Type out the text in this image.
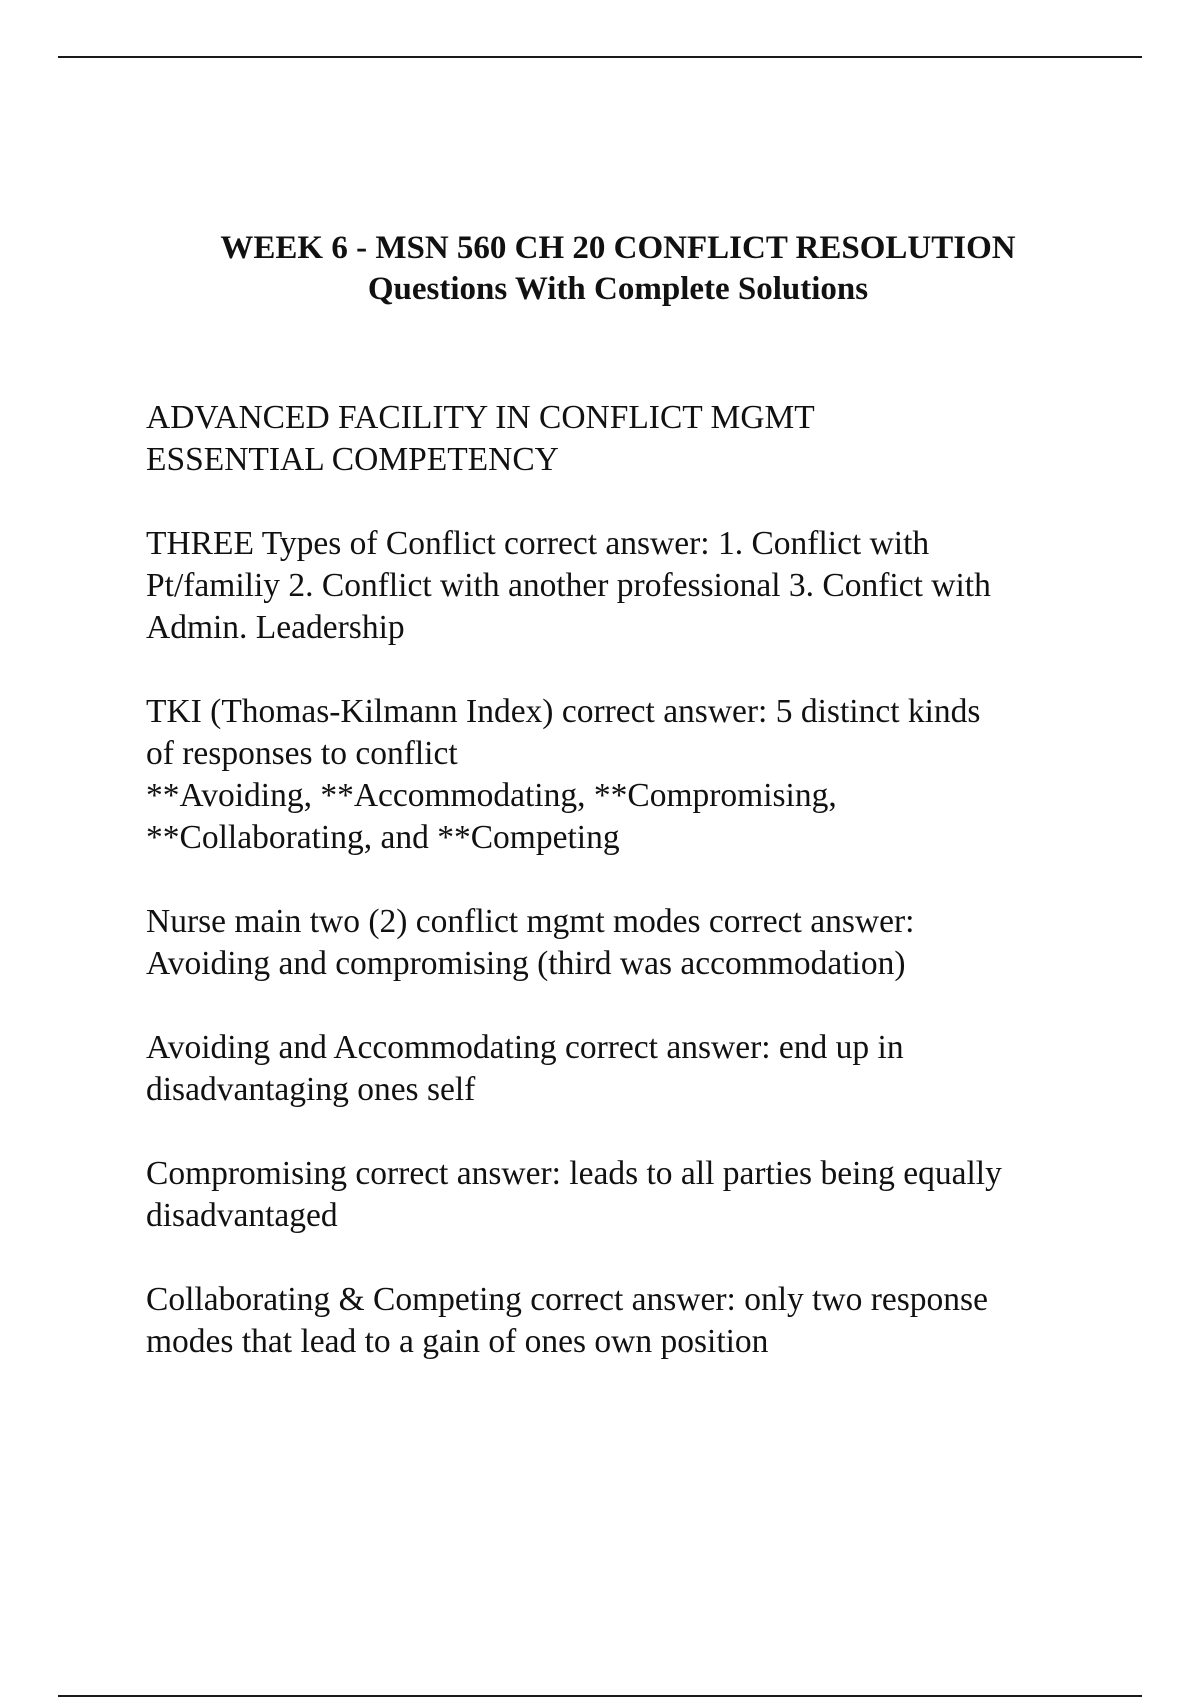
WEEK 6 - MSN 560 CH 20 CONFLICT RESOLUTION
Questions With Complete Solutions
ADVANCED FACILITY IN CONFLICT MGMT
ESSENTIAL COMPETENCY
THREE Types of Conflict correct answer: 1. Conflict with
Pt/familiy 2. Conflict with another professional 3. Confict with
Admin. Leadership
TKI (Thomas-Kilmann Index) correct answer: 5 distinct kinds
of responses to conflict
**Avoiding, **Accommodating, **Compromising,
**Collaborating, and **Competing
Nurse main two (2) conflict mgmt modes correct answer:
Avoiding and compromising (third was accommodation)
Avoiding and Accommodating correct answer: end up in
disadvantaging ones self
Compromising correct answer: leads to all parties being equally
disadvantaged
Collaborating & Competing correct answer: only two response
modes that lead to a gain of ones own position
